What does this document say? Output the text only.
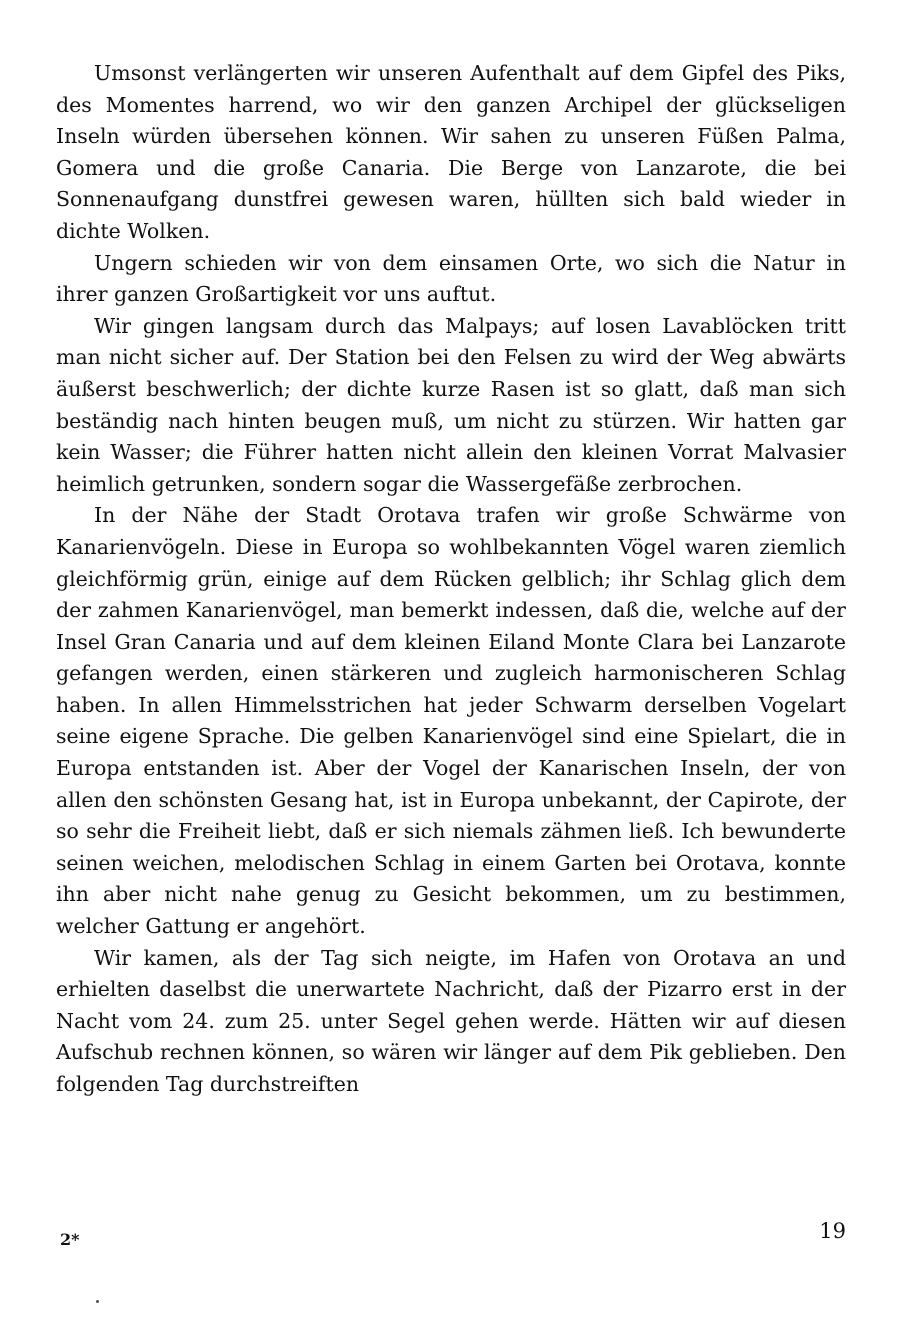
Umsonst verlängerten wir unseren Aufenthalt auf dem Gipfel des Piks, des Momentes harrend, wo wir den ganzen Archipel der glückseligen Inseln würden übersehen können. Wir sahen zu unseren Füßen Palma, Gomera und die große Canaria. Die Berge von Lanzarote, die bei Sonnenaufgang dunstfrei gewesen waren, hüllten sich bald wieder in dichte Wolken.

Ungern schieden wir von dem einsamen Orte, wo sich die Natur in ihrer ganzen Großartigkeit vor uns auftut.

Wir gingen langsam durch das Malpays; auf losen Lavablöcken tritt man nicht sicher auf. Der Station bei den Felsen zu wird der Weg abwärts äußerst beschwerlich; der dichte kurze Rasen ist so glatt, daß man sich beständig nach hinten beugen muß, um nicht zu stürzen. Wir hatten gar kein Wasser; die Führer hatten nicht allein den kleinen Vorrat Malvasier heimlich getrunken, sondern sogar die Wassergefäße zerbrochen.

In der Nähe der Stadt Orotava trafen wir große Schwärme von Kanarienvögeln. Diese in Europa so wohlbekannten Vögel waren ziemlich gleichförmig grün, einige auf dem Rücken gelblich; ihr Schlag glich dem der zahmen Kanarienvögel, man bemerkt indessen, daß die, welche auf der Insel Gran Canaria und auf dem kleinen Eiland Monte Clara bei Lanzarote gefangen werden, einen stärkeren und zugleich harmonischeren Schlag haben. In allen Himmelsstrichen hat jeder Schwarm derselben Vogelart seine eigene Sprache. Die gelben Kanarienvögel sind eine Spielart, die in Europa entstanden ist. Aber der Vogel der Kanarischen Inseln, der von allen den schönsten Gesang hat, ist in Europa unbekannt, der Capirote, der so sehr die Freiheit liebt, daß er sich niemals zähmen ließ. Ich bewunderte seinen weichen, melodischen Schlag in einem Garten bei Orotava, konnte ihn aber nicht nahe genug zu Gesicht bekommen, um zu bestimmen, welcher Gattung er angehört.

Wir kamen, als der Tag sich neigte, im Hafen von Orotava an und erhielten daselbst die unerwartete Nachricht, daß der Pizarro erst in der Nacht vom 24. zum 25. unter Segel gehen werde. Hätten wir auf diesen Aufschub rechnen können, so wären wir länger auf dem Pik geblieben. Den folgenden Tag durchstreiften

2*	19
